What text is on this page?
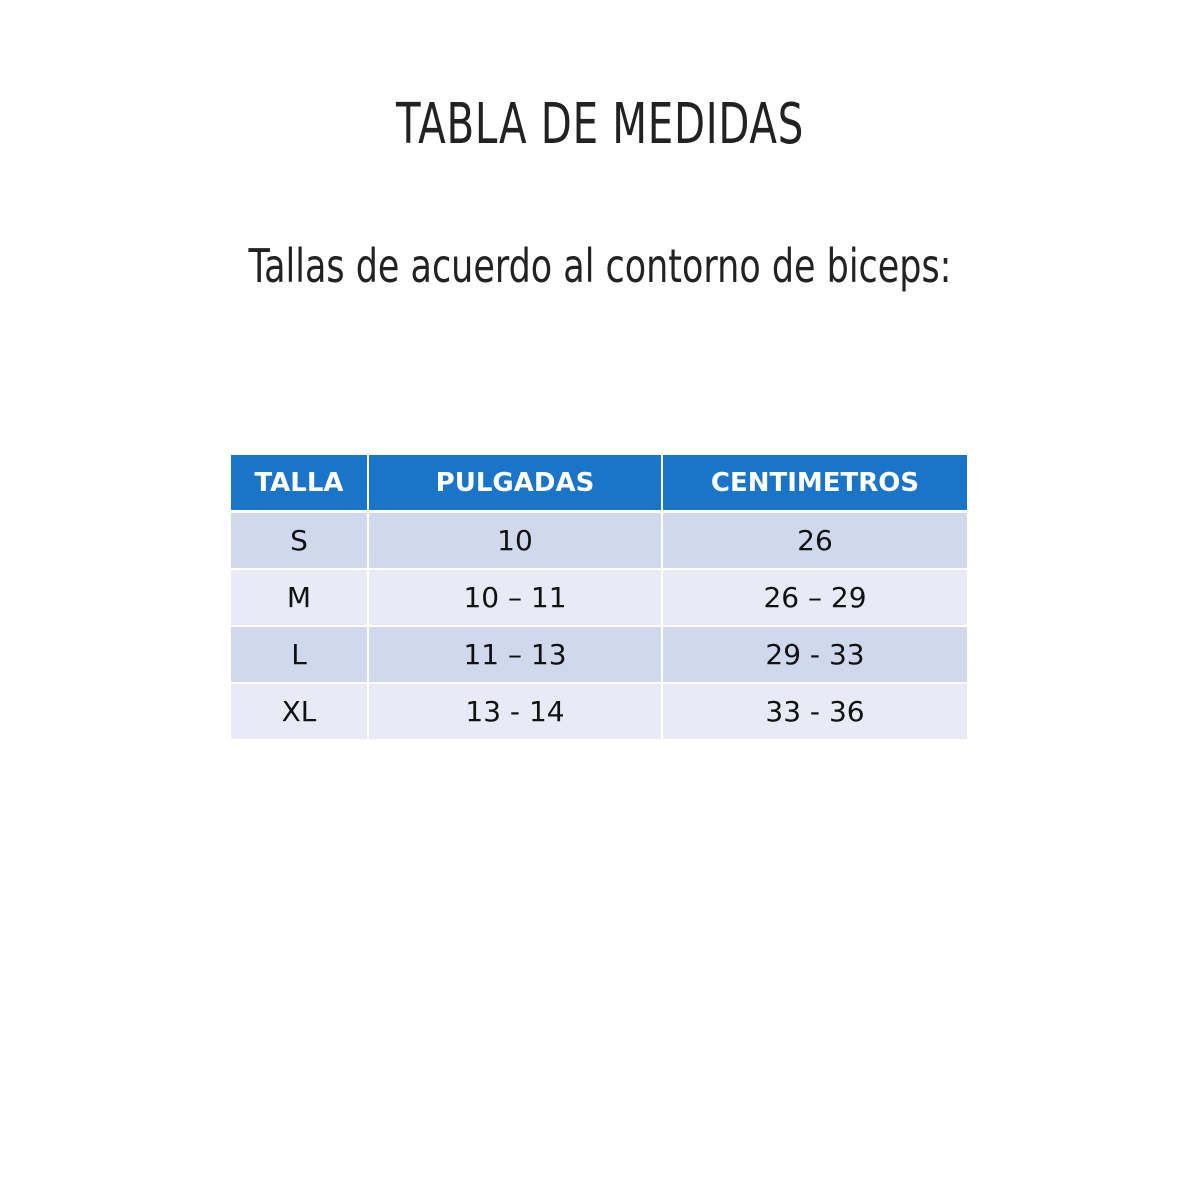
TABLA DE MEDIDAS
Tallas de acuerdo al contorno de biceps:
TALLA	PULGADAS	CENTIMETROS
S	10	26
M	10 – 11	26 – 29
L	11 – 13	29 - 33
XL	13 - 14	33 - 36
